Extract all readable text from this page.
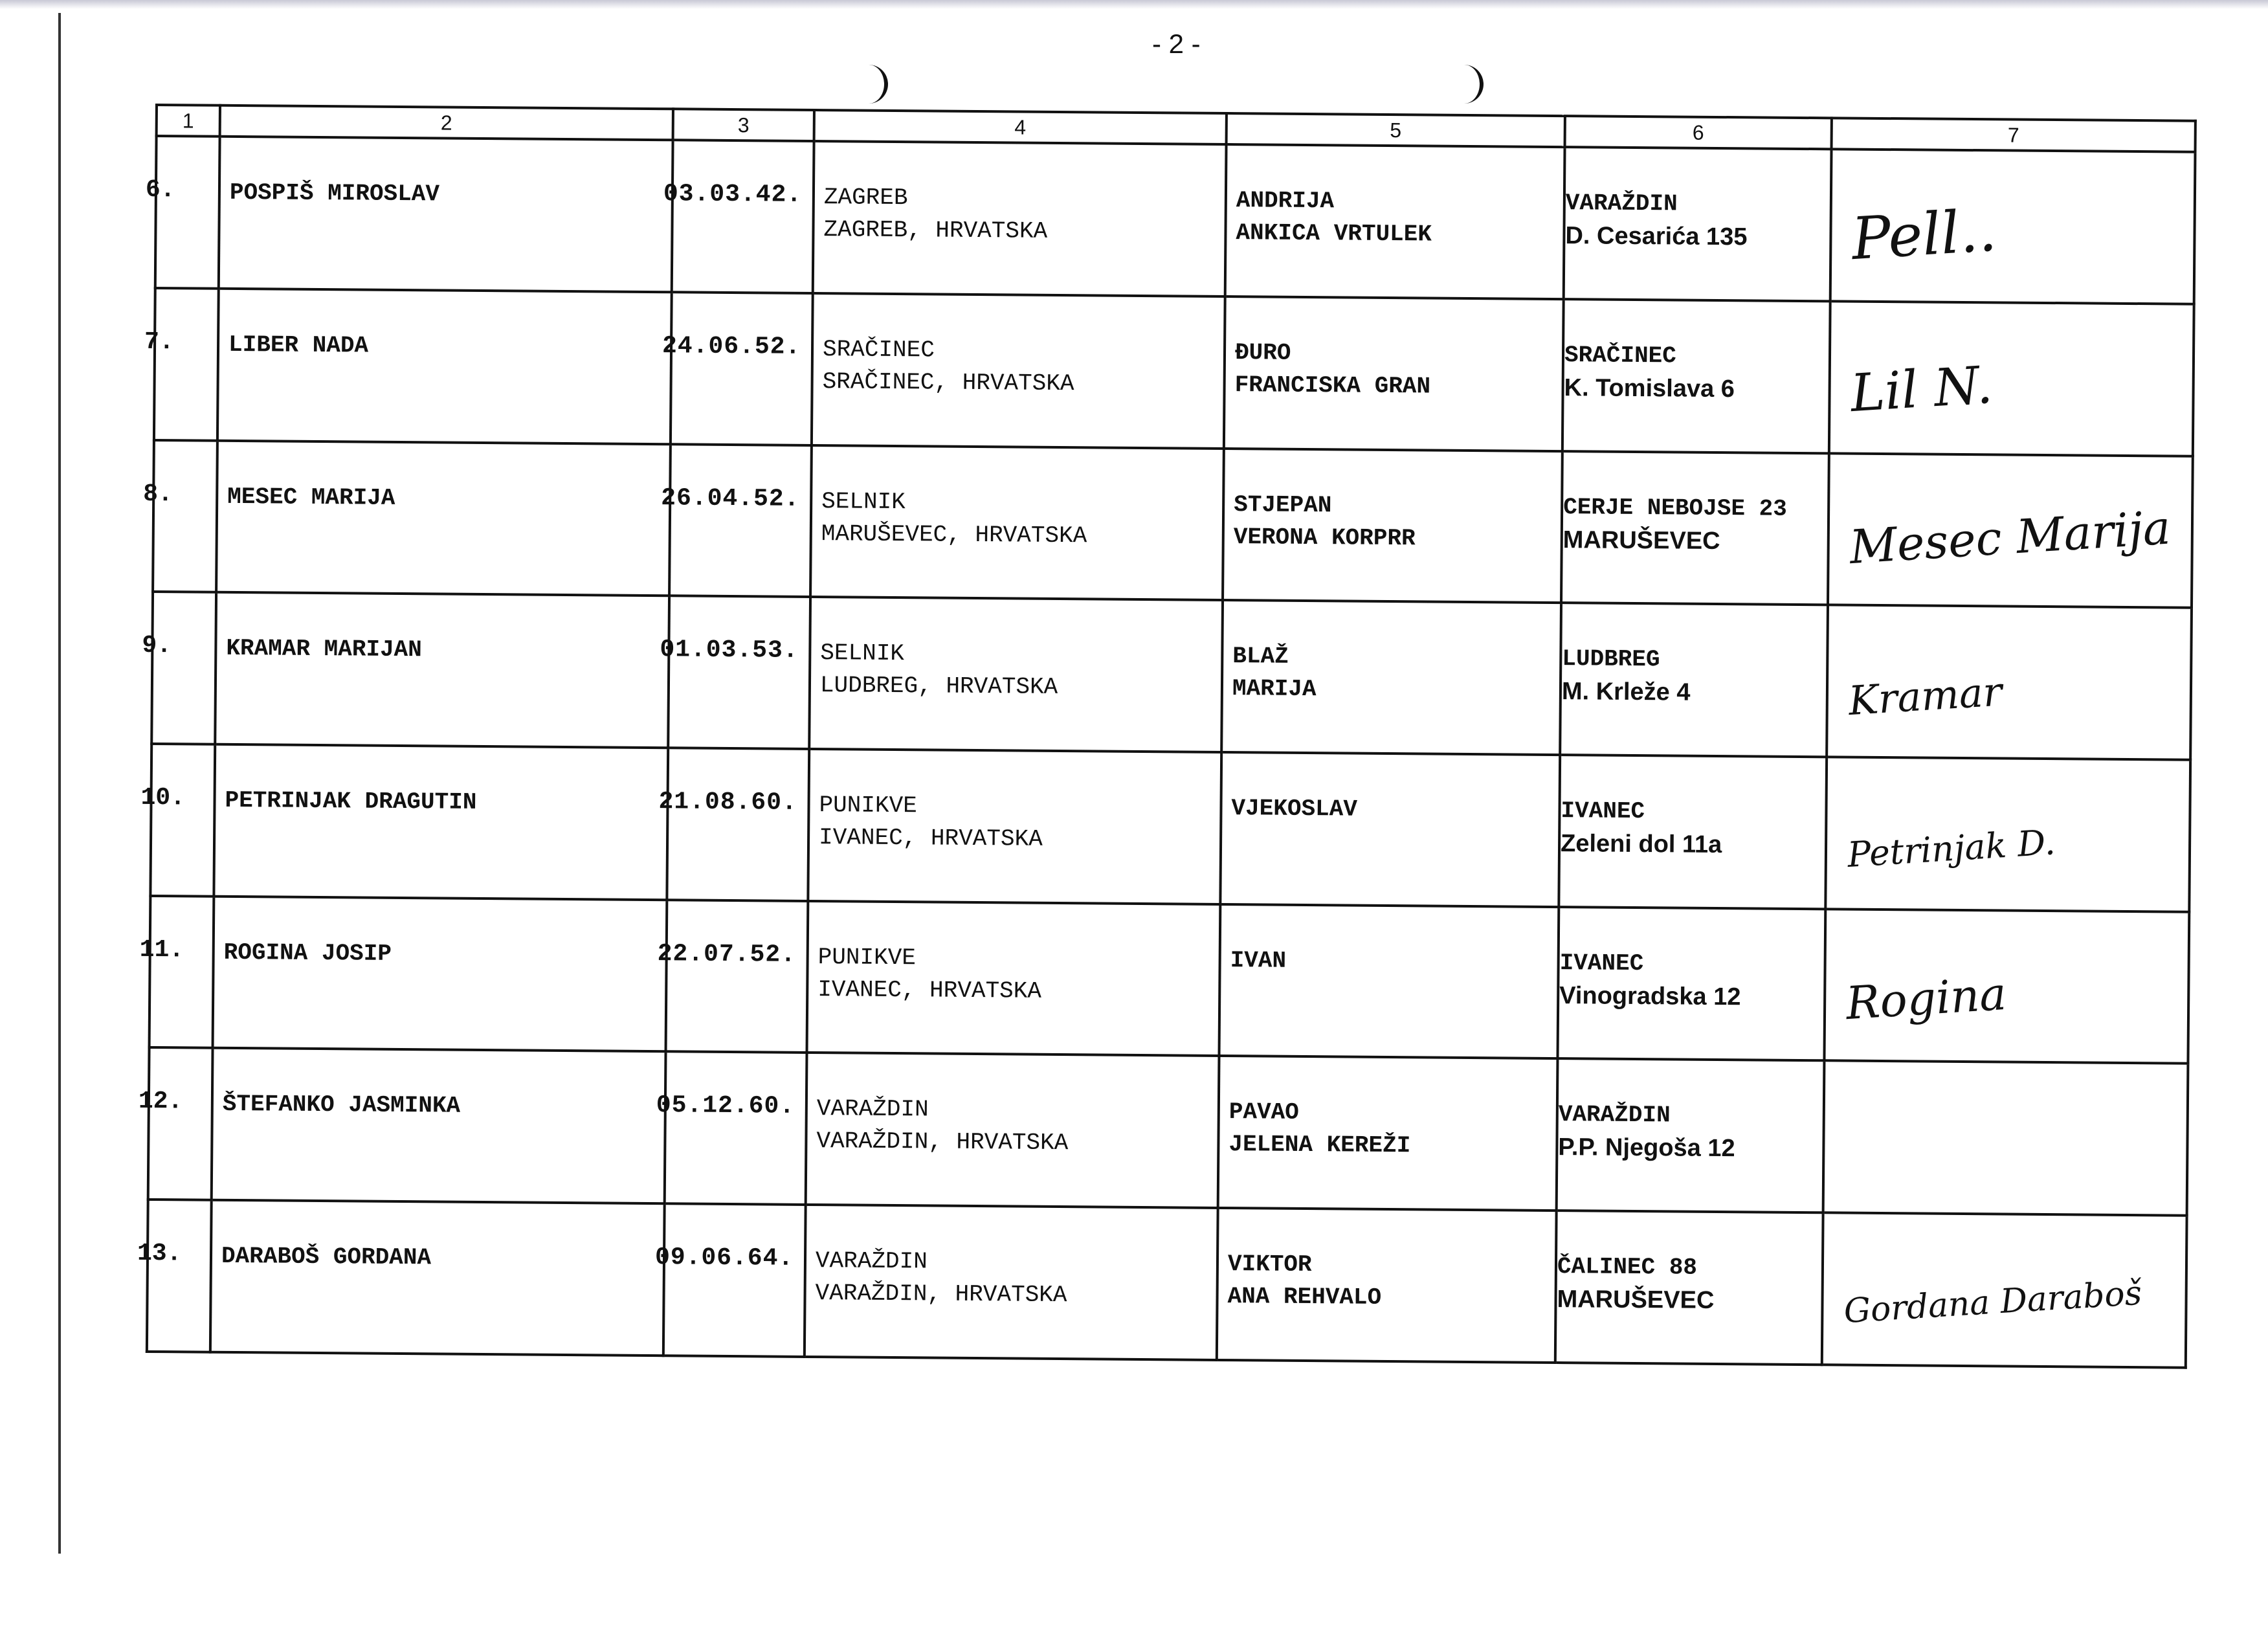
- 2 -
1	2	3	4	5	6	7

6.	POSPIŠ MIROSLAV	03.03.42.	ZAGREB
ZAGREB, HRVATSKA	ANDRIJA
ANKICA VRTULEK	VARAŽDIN
D. Cesarića 135	Pell..

7.	LIBER NADA	24.06.52.	SRAČINEC
SRAČINEC, HRVATSKA	ĐURO
FRANCISKA GRAN	SRAČINEC
K. Tomislava 6	Lil N.

8.	MESEC MARIJA	26.04.52.	SELNIK
MARUŠEVEC, HRVATSKA	STJEPAN
VERONA KORPRR	CERJE NEBOJSE 23
MARUŠEVEC	Mesec Marija

9.	KRAMAR MARIJAN	01.03.53.	SELNIK
LUDBREG, HRVATSKA	BLAŽ
MARIJA	LUDBREG
M. Krleže 4	Kramar

10.	PETRINJAK DRAGUTIN	21.08.60.	PUNIKVE
IVANEC, HRVATSKA	VJEKOSLAV	IVANEC
Zeleni dol 11a	Petrinjak D.

11.	ROGINA JOSIP	22.07.52.	PUNIKVE
IVANEC, HRVATSKA	IVAN	IVANEC
Vinogradska 12	Rogina

12.	ŠTEFANKO JASMINKA	05.12.60.	VARAŽDIN
VARAŽDIN, HRVATSKA	PAVAO
JELENA KEREŽI	VARAŽDIN
P.P. Njegoša 12

13.	DARABOŠ GORDANA	09.06.64.	VARAŽDIN
VARAŽDIN, HRVATSKA	VIKTOR
ANA REHVALO	ČALINEC 88
MARUŠEVEC	Gordana Daraboš
